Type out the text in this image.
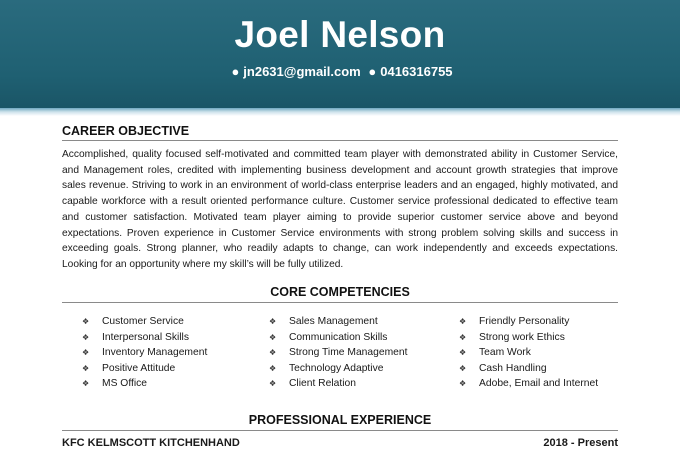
Joel Nelson
● jn2631@gmail.com ● 0416316755
CAREER OBJECTIVE
Accomplished, quality focused self-motivated and committed team player with demonstrated ability in Customer Service, and Management roles, credited with implementing business development and account growth strategies that improve sales revenue. Striving to work in an environment of world-class enterprise leaders and an engaged, highly motivated, and capable workforce with a result oriented performance culture. Customer service professional dedicated to effective team and customer satisfaction. Motivated team player aiming to provide superior customer service above and beyond expectations. Proven experience in Customer Service environments with strong problem solving skills and success in exceeding goals. Strong planner, who readily adapts to change, can work independently and exceeds expectations. Looking for an opportunity where my skill’s will be fully utilized.
CORE COMPETENCIES
❖ Customer Service
❖ Interpersonal Skills
❖ Inventory Management
❖ Positive Attitude
❖ MS Office
❖ Sales Management
❖ Communication Skills
❖ Strong Time Management
❖ Technology Adaptive
❖ Client Relation
❖ Friendly Personality
❖ Strong work Ethics
❖ Team Work
❖ Cash Handling
❖ Adobe, Email and Internet
PROFESSIONAL EXPERIENCE
KFC KELMSCOTT KITCHENHAND	2018 - Present
